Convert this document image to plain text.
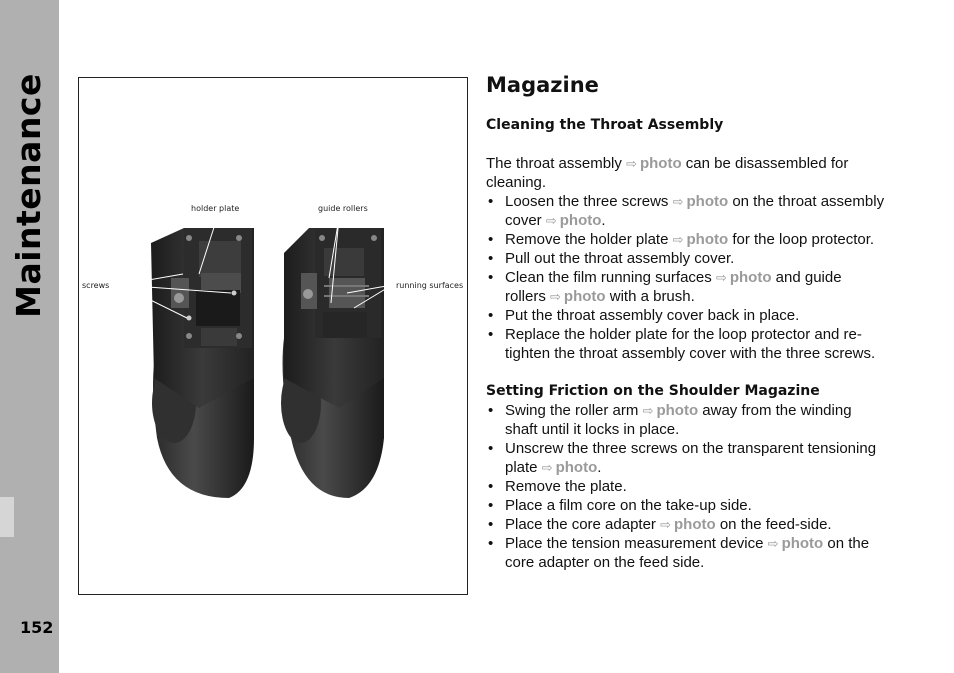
Maintenance
152
holder plate	guide rollers
screws	running surfaces
Magazine
Cleaning the Throat Assembly

The throat assembly ⇨ photo can be disassembled for cleaning.

• Loosen the three screws ⇨ photo on the throat assembly cover ⇨ photo.
• Remove the holder plate ⇨ photo for the loop protector.
• Pull out the throat assembly cover.
• Clean the film running surfaces ⇨ photo and guide rollers ⇨ photo with a brush.
• Put the throat assembly cover back in place.
• Replace the holder plate for the loop protector and re-tighten the throat assembly cover with the three screws.
Setting Friction on the Shoulder Magazine
• Swing the roller arm ⇨ photo away from the winding shaft until it locks in place.
• Unscrew the three screws on the transparent tensioning plate ⇨ photo.
• Remove the plate.
• Place a film core on the take-up side.
• Place the core adapter ⇨ photo on the feed-side.
• Place the tension measurement device ⇨ photo on the core adapter on the feed side.
